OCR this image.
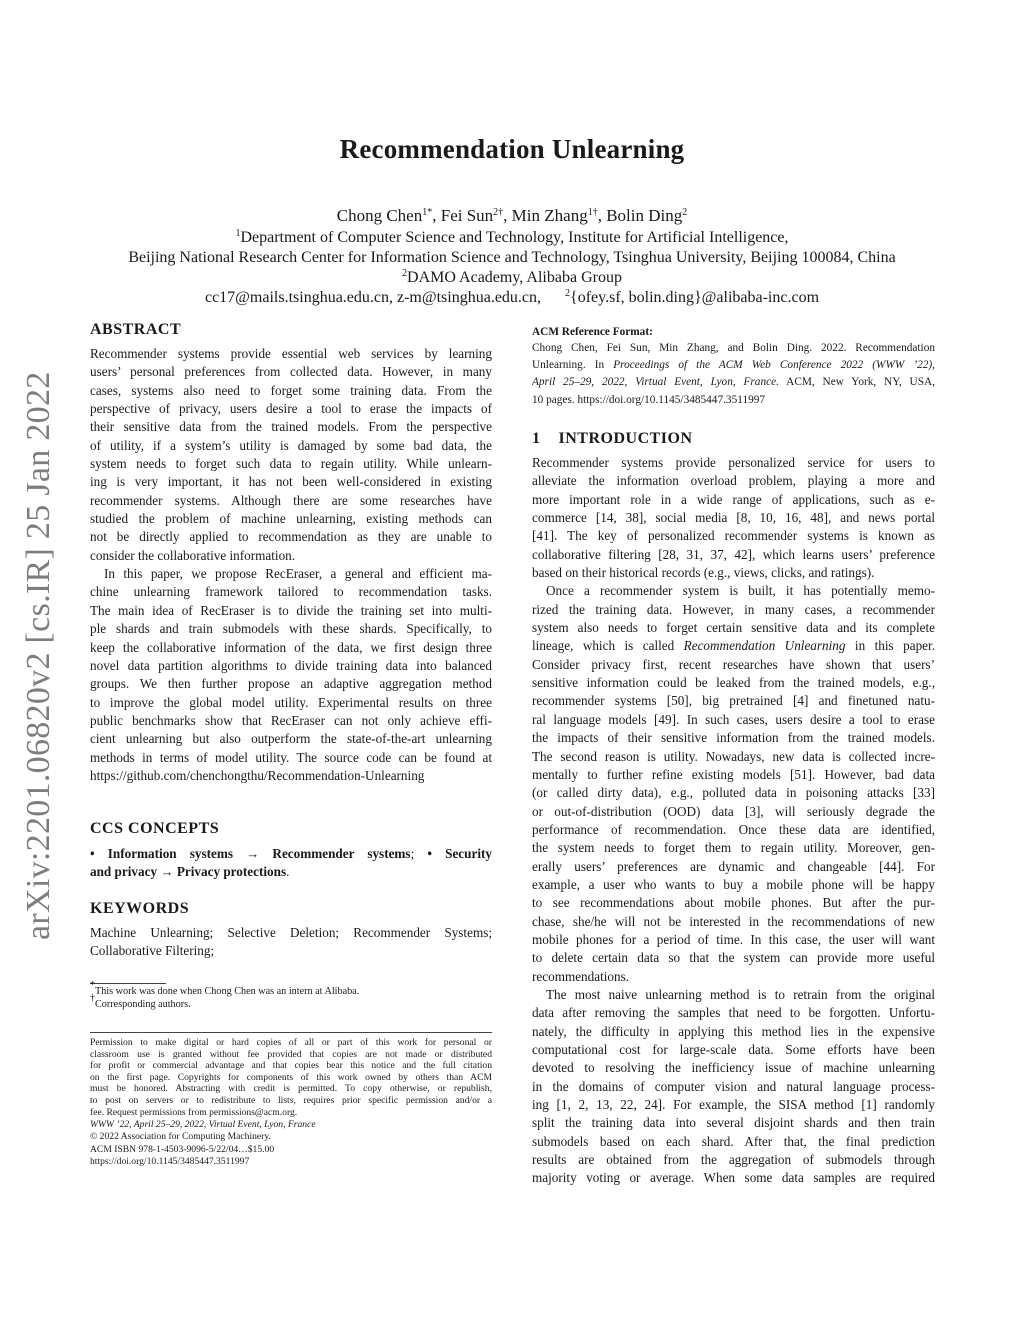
arXiv:2201.06820v2 [cs.IR] 25 Jan 2022
Recommendation Unlearning
Chong Chen$^{1*}$, Fei Sun$^{2\dagger}$, Min Zhang$^{1\dagger}$, Bolin Ding$^2$
$^1$Department of Computer Science and Technology, Institute for Artificial Intelligence,
Beijing National Research Center for Information Science and Technology, Tsinghua University, Beijing 100084, China
$^2$DAMO Academy, Alibaba Group
cc17@mails.tsinghua.edu.cn, z-m@tsinghua.edu.cn, $^2${ofey.sf, bolin.ding}@alibaba-inc.com
ABSTRACT
Recommender systems provide essential web services by learning
users’ personal preferences from collected data. However, in many
cases, systems also need to forget some training data. From the
perspective of privacy, users desire a tool to erase the impacts of
their sensitive data from the trained models. From the perspective
of utility, if a system’s utility is damaged by some bad data, the
system needs to forget such data to regain utility. While unlearn-
ing is very important, it has not been well-considered in existing
recommender systems. Although there are some researches have
studied the problem of machine unlearning, existing methods can
not be directly applied to recommendation as they are unable to
consider the collaborative information.
In this paper, we propose RecEraser, a general and efficient ma-
chine unlearning framework tailored to recommendation tasks.
The main idea of RecEraser is to divide the training set into multi-
ple shards and train submodels with these shards. Specifically, to
keep the collaborative information of the data, we first design three
novel data partition algorithms to divide training data into balanced
groups. We then further propose an adaptive aggregation method
to improve the global model utility. Experimental results on three
public benchmarks show that RecEraser can not only achieve effi-
cient unlearning but also outperform the state-of-the-art unlearning
methods in terms of model utility. The source code can be found at
https://github.com/chenchongthu/Recommendation-Unlearning
CCS CONCEPTS
• Information systems → Recommender systems; • Security
and privacy → Privacy protections.
KEYWORDS
Machine Unlearning; Selective Deletion; Recommender Systems;
Collaborative Filtering;
*This work was done when Chong Chen was an intern at Alibaba.
†Corresponding authors.
Permission to make digital or hard copies of all or part of this work for personal or
classroom use is granted without fee provided that copies are not made or distributed
for profit or commercial advantage and that copies bear this notice and the full citation
on the first page. Copyrights for components of this work owned by others than ACM
must be honored. Abstracting with credit is permitted. To copy otherwise, or republish,
to post on servers or to redistribute to lists, requires prior specific permission and/or a
fee. Request permissions from permissions@acm.org.
WWW ’22, April 25–29, 2022, Virtual Event, Lyon, France
© 2022 Association for Computing Machinery.
ACM ISBN 978-1-4503-9096-5/22/04…$15.00
https://doi.org/10.1145/3485447.3511997
ACM Reference Format:
Chong Chen, Fei Sun, Min Zhang, and Bolin Ding. 2022. Recommendation
Unlearning. In Proceedings of the ACM Web Conference 2022 (WWW ’22),
April 25–29, 2022, Virtual Event, Lyon, France. ACM, New York, NY, USA,
10 pages. https://doi.org/10.1145/3485447.3511997
1 INTRODUCTION
Recommender systems provide personalized service for users to
alleviate the information overload problem, playing a more and
more important role in a wide range of applications, such as e-
commerce [14, 38], social media [8, 10, 16, 48], and news portal
[41]. The key of personalized recommender systems is known as
collaborative filtering [28, 31, 37, 42], which learns users’ preference
based on their historical records (e.g., views, clicks, and ratings).
Once a recommender system is built, it has potentially memo-
rized the training data. However, in many cases, a recommender
system also needs to forget certain sensitive data and its complete
lineage, which is called Recommendation Unlearning in this paper.
Consider privacy first, recent researches have shown that users’
sensitive information could be leaked from the trained models, e.g.,
recommender systems [50], big pretrained [4] and finetuned natu-
ral language models [49]. In such cases, users desire a tool to erase
the impacts of their sensitive information from the trained models.
The second reason is utility. Nowadays, new data is collected incre-
mentally to further refine existing models [51]. However, bad data
(or called dirty data), e.g., polluted data in poisoning attacks [33]
or out-of-distribution (OOD) data [3], will seriously degrade the
performance of recommendation. Once these data are identified,
the system needs to forget them to regain utility. Moreover, gen-
erally users’ preferences are dynamic and changeable [44]. For
example, a user who wants to buy a mobile phone will be happy
to see recommendations about mobile phones. But after the pur-
chase, she/he will not be interested in the recommendations of new
mobile phones for a period of time. In this case, the user will want
to delete certain data so that the system can provide more useful
recommendations.
The most naive unlearning method is to retrain from the original
data after removing the samples that need to be forgotten. Unfortu-
nately, the difficulty in applying this method lies in the expensive
computational cost for large-scale data. Some efforts have been
devoted to resolving the inefficiency issue of machine unlearning
in the domains of computer vision and natural language process-
ing [1, 2, 13, 22, 24]. For example, the SISA method [1] randomly
split the training data into several disjoint shards and then train
submodels based on each shard. After that, the final prediction
results are obtained from the aggregation of submodels through
majority voting or average. When some data samples are required
